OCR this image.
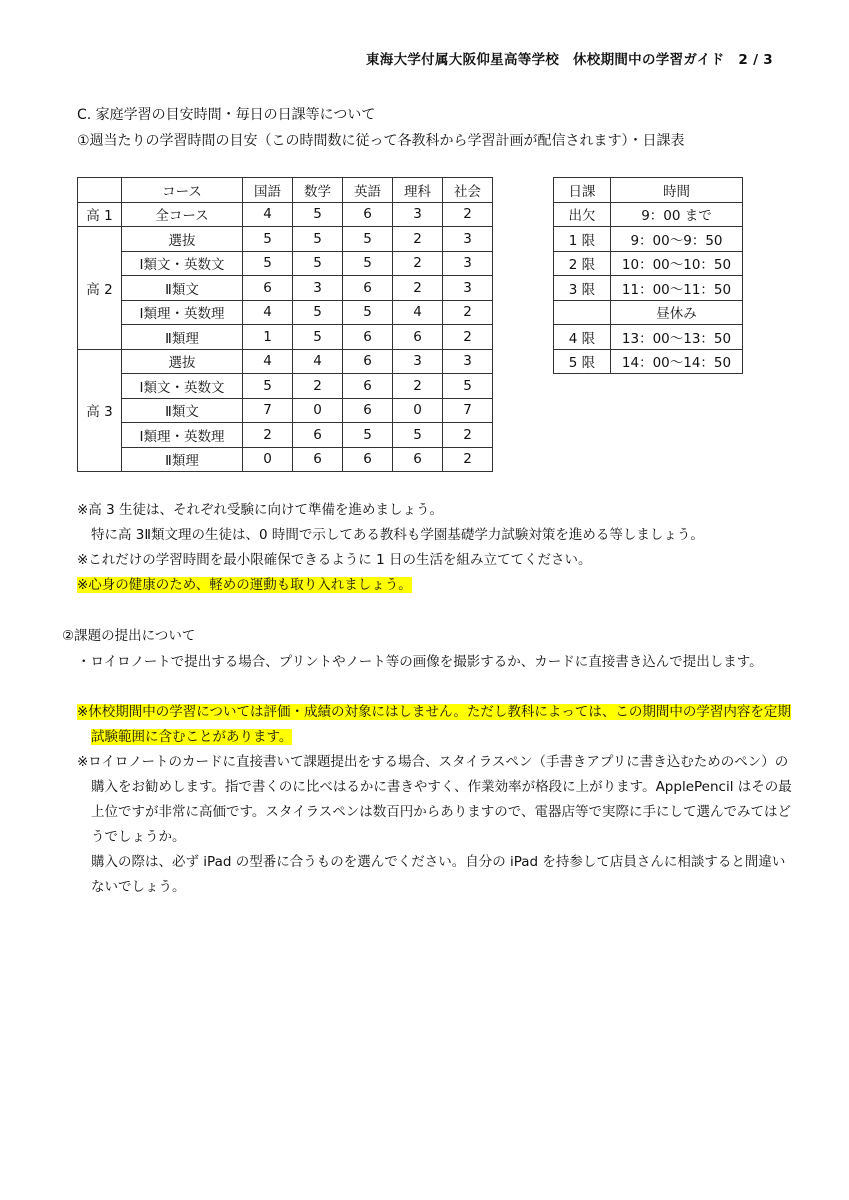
東海大学付属大阪仰星高等学校　休校期間中の学習ガイド 2 / 3
C. 家庭学習の目安時間・毎日の日課等について
①週当たりの学習時間の目安（この時間数に従って各教科から学習計画が配信されます）・日課表
	コース	国語	数学	英語	理科	社会
高 1	全コース	4	5	6	3	2
高 2	選抜	5	5	5	2	3
	Ⅰ類文・英数文	5	5	5	2	3
	Ⅱ類文	6	3	6	2	3
	Ⅰ類理・英数理	4	5	5	4	2
	Ⅱ類理	1	5	6	6	2
高 3	選抜	4	4	6	3	3
	Ⅰ類文・英数文	5	2	6	2	5
	Ⅱ類文	7	0	6	0	7
	Ⅰ類理・英数理	2	6	5	5	2
	Ⅱ類理	0	6	6	6	2
日課	時間
出欠	9：00 まで
1 限	9：00～9：50
2 限	10：00～10：50
3 限	11：00～11：50
	昼休み
4 限	13：00～13：50
5 限	14：00～14：50

※高 3 生徒は、それぞれ受験に向けて準備を進めましょう。

特に高 3Ⅱ類文理の生徒は、0 時間で示してある教科も学園基礎学力試験対策を進める等しましょう。

※これだけの学習時間を最小限確保できるように 1 日の生活を組み立ててください。

※心身の健康のため、軽めの運動も取り入れましょう。

②課題の提出について

・ロイロノートで提出する場合、プリントやノート等の画像を撮影するか、カードに直接書き込んで提出します。

※休校期間中の学習については評価・成績の対象にはしません。ただし教科によっては、この期間中の学習内容を定期試験範囲に含むことがあります。

※ロイロノートのカードに直接書いて課題提出をする場合、スタイラスペン（手書きアプリに書き込むためのペン）の購入をお勧めします。指で書くのに比べはるかに書きやすく、作業効率が格段に上がります。ApplePencil はその最上位ですが非常に高価です。スタイラスペンは数百円からありますので、電器店等で実際に手にして選んでみてはどうでしょうか。

購入の際は、必ず iPad の型番に合うものを選んでください。自分の iPad を持参して店員さんに相談すると間違いないでしょう。
